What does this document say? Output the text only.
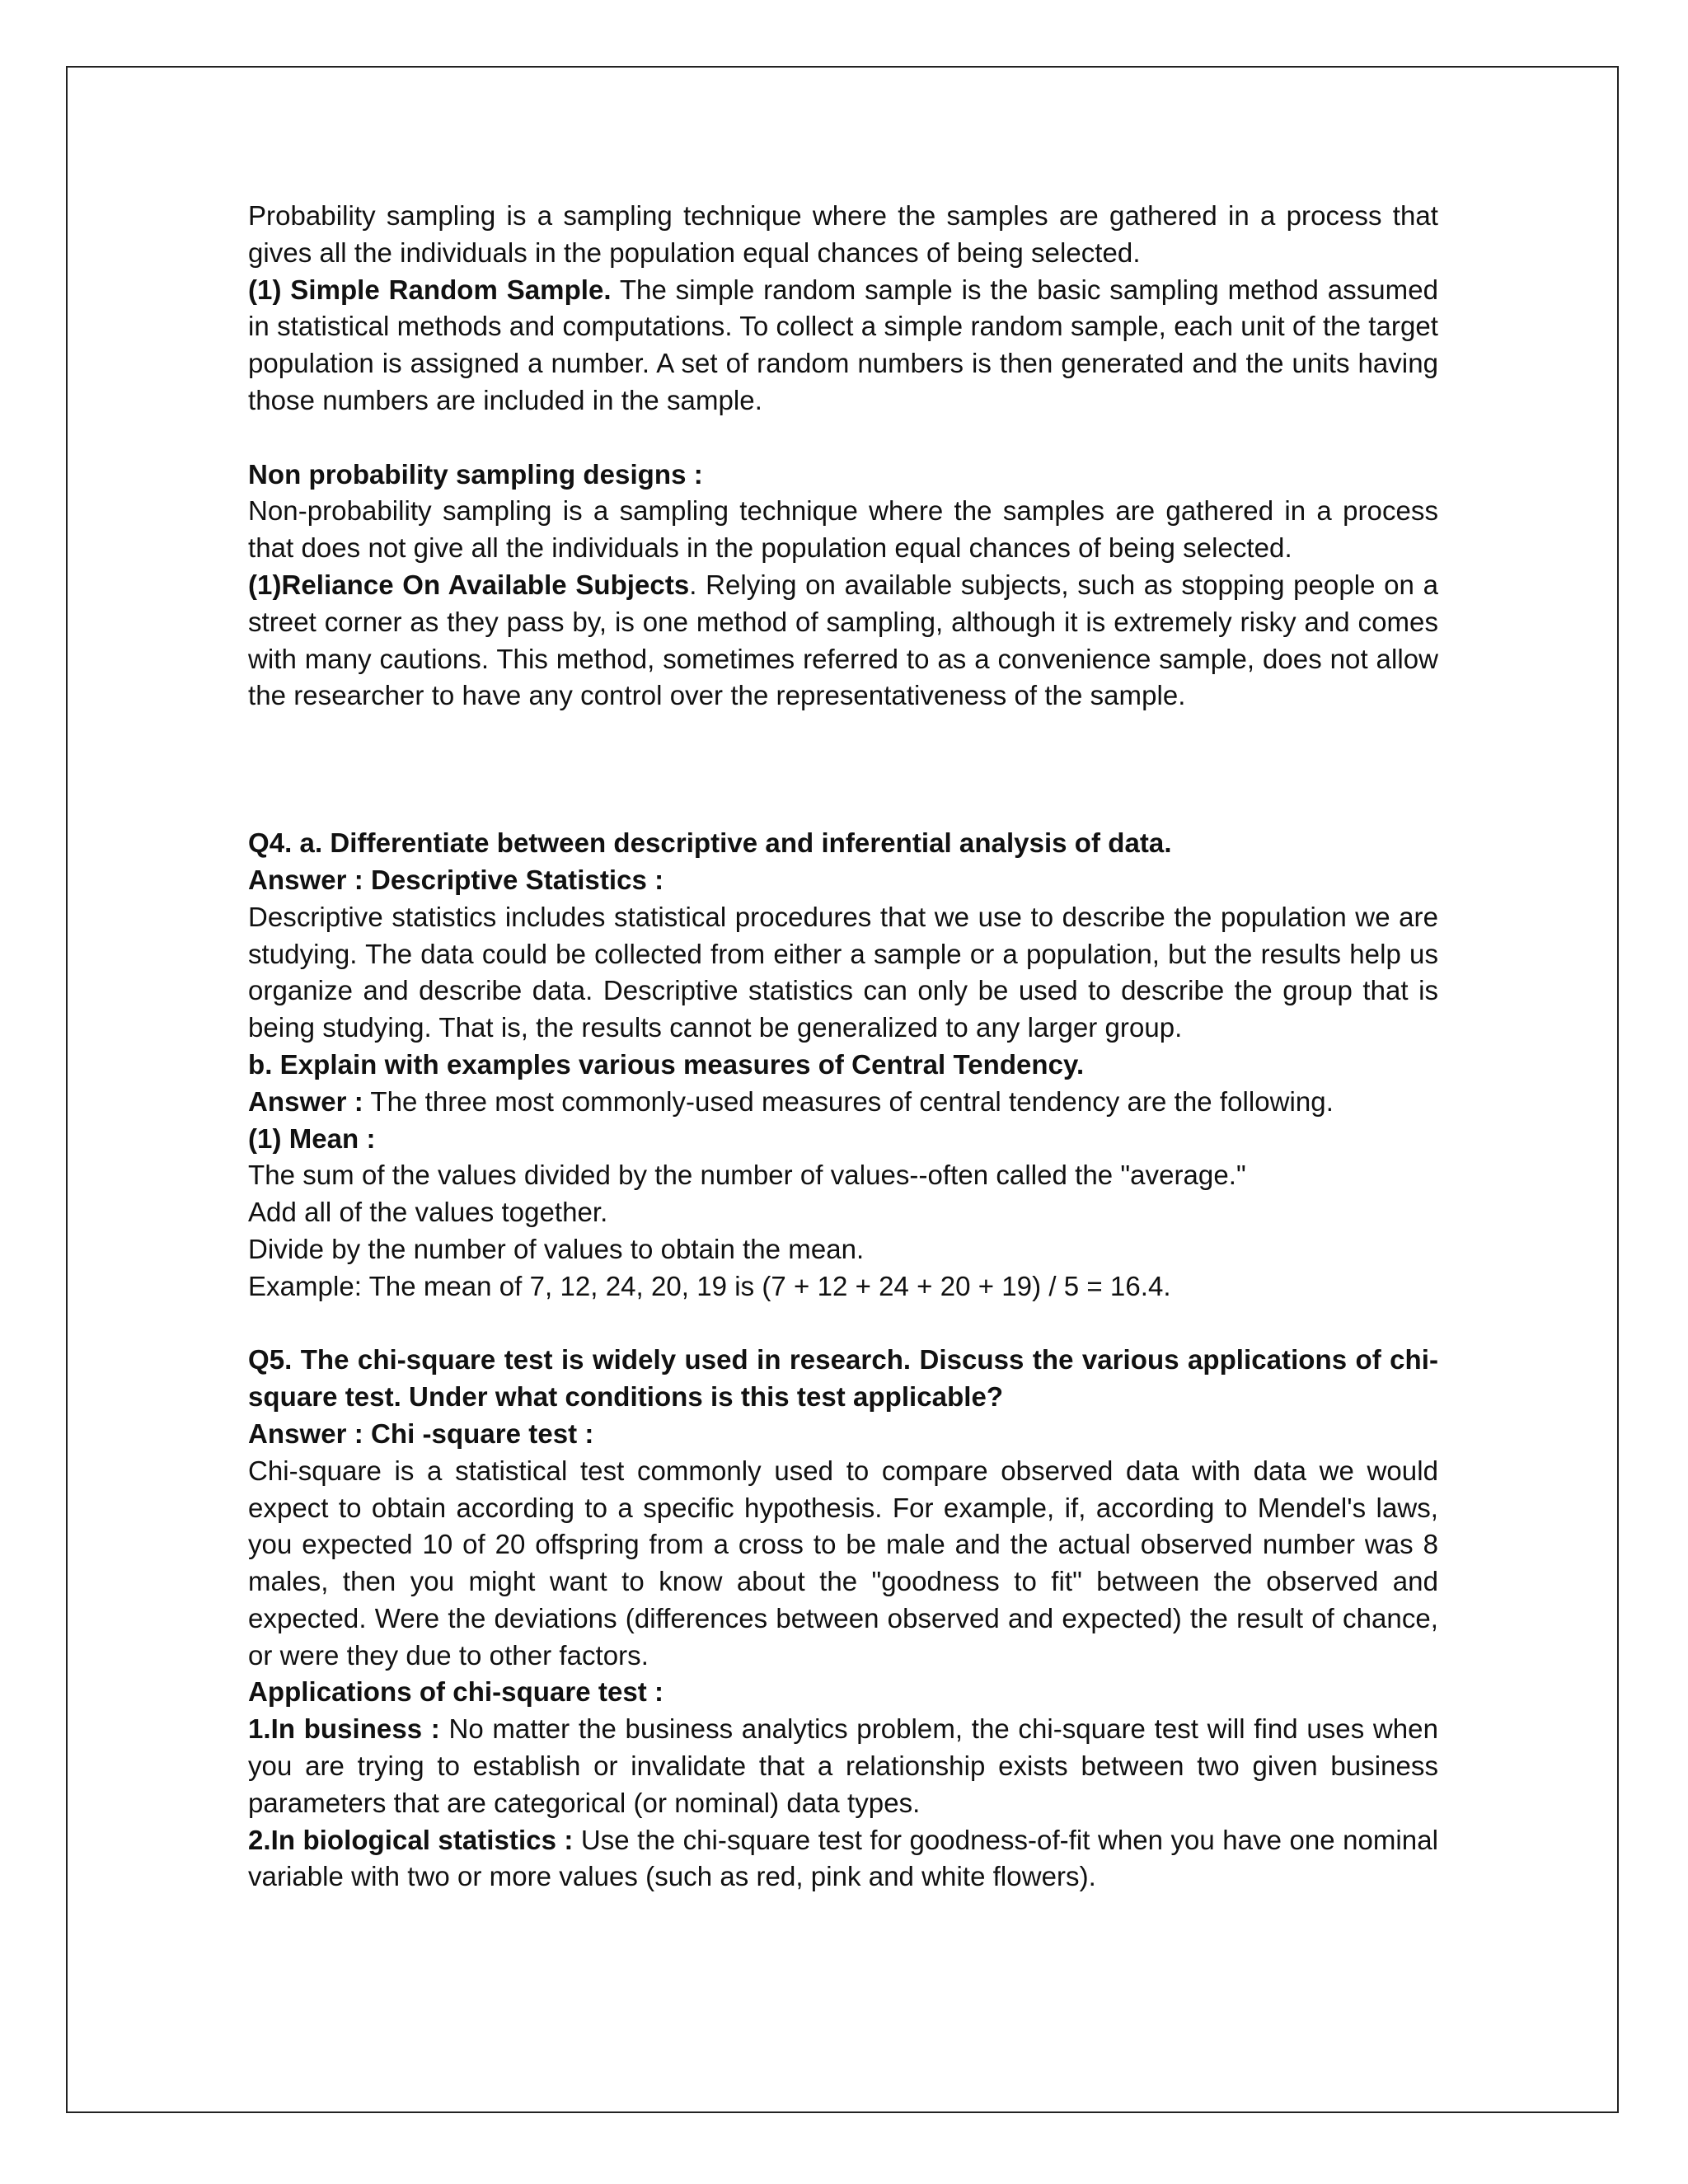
Probability sampling is a sampling technique where the samples are gathered in a process that gives all the individuals in the population equal chances of being selected.

(1) Simple Random Sample. The simple random sample is the basic sampling method assumed in statistical methods and computations. To collect a simple random sample, each unit of the target population is assigned a number. A set of random numbers is then generated and the units having those numbers are included in the sample.

Non probability sampling designs :

Non-probability sampling is a sampling technique where the samples are gathered in a process that does not give all the individuals in the population equal chances of being selected.

(1)Reliance On Available Subjects. Relying on available subjects, such as stopping people on a street corner as they pass by, is one method of sampling, although it is extremely risky and comes with many cautions. This method, sometimes referred to as a convenience sample, does not allow the researcher to have any control over the representativeness of the sample.

Q4. a. Differentiate between descriptive and inferential analysis of data.

Answer : Descriptive Statistics :

Descriptive statistics includes statistical procedures that we use to describe the population we are studying. The data could be collected from either a sample or a population, but the results help us organize and describe data. Descriptive statistics can only be used to describe the group that is being studying. That is, the results cannot be generalized to any larger group.

b. Explain with examples various measures of Central Tendency.

Answer : The three most commonly-used measures of central tendency are the following.

(1) Mean :

The sum of the values divided by the number of values--often called the "average."

Add all of the values together.

Divide by the number of values to obtain the mean.

Example: The mean of 7, 12, 24, 20, 19 is (7 + 12 + 24 + 20 + 19) / 5 = 16.4.

Q5. The chi-square test is widely used in research. Discuss the various applications of chi-square test. Under what conditions is this test applicable?

Answer : Chi -square test :

Chi-square is a statistical test commonly used to compare observed data with data we would expect to obtain according to a specific hypothesis. For example, if, according to Mendel's laws, you expected 10 of 20 offspring from a cross to be male and the actual observed number was 8 males, then you might want to know about the "goodness to fit" between the observed and expected. Were the deviations (differences between observed and expected) the result of chance, or were they due to other factors.

Applications of chi-square test :

1.In business : No matter the business analytics problem, the chi-square test will find uses when you are trying to establish or invalidate that a relationship exists between two given business parameters that are categorical (or nominal) data types.

2.In biological statistics : Use the chi-square test for goodness-of-fit when you have one nominal variable with two or more values (such as red, pink and white flowers).
